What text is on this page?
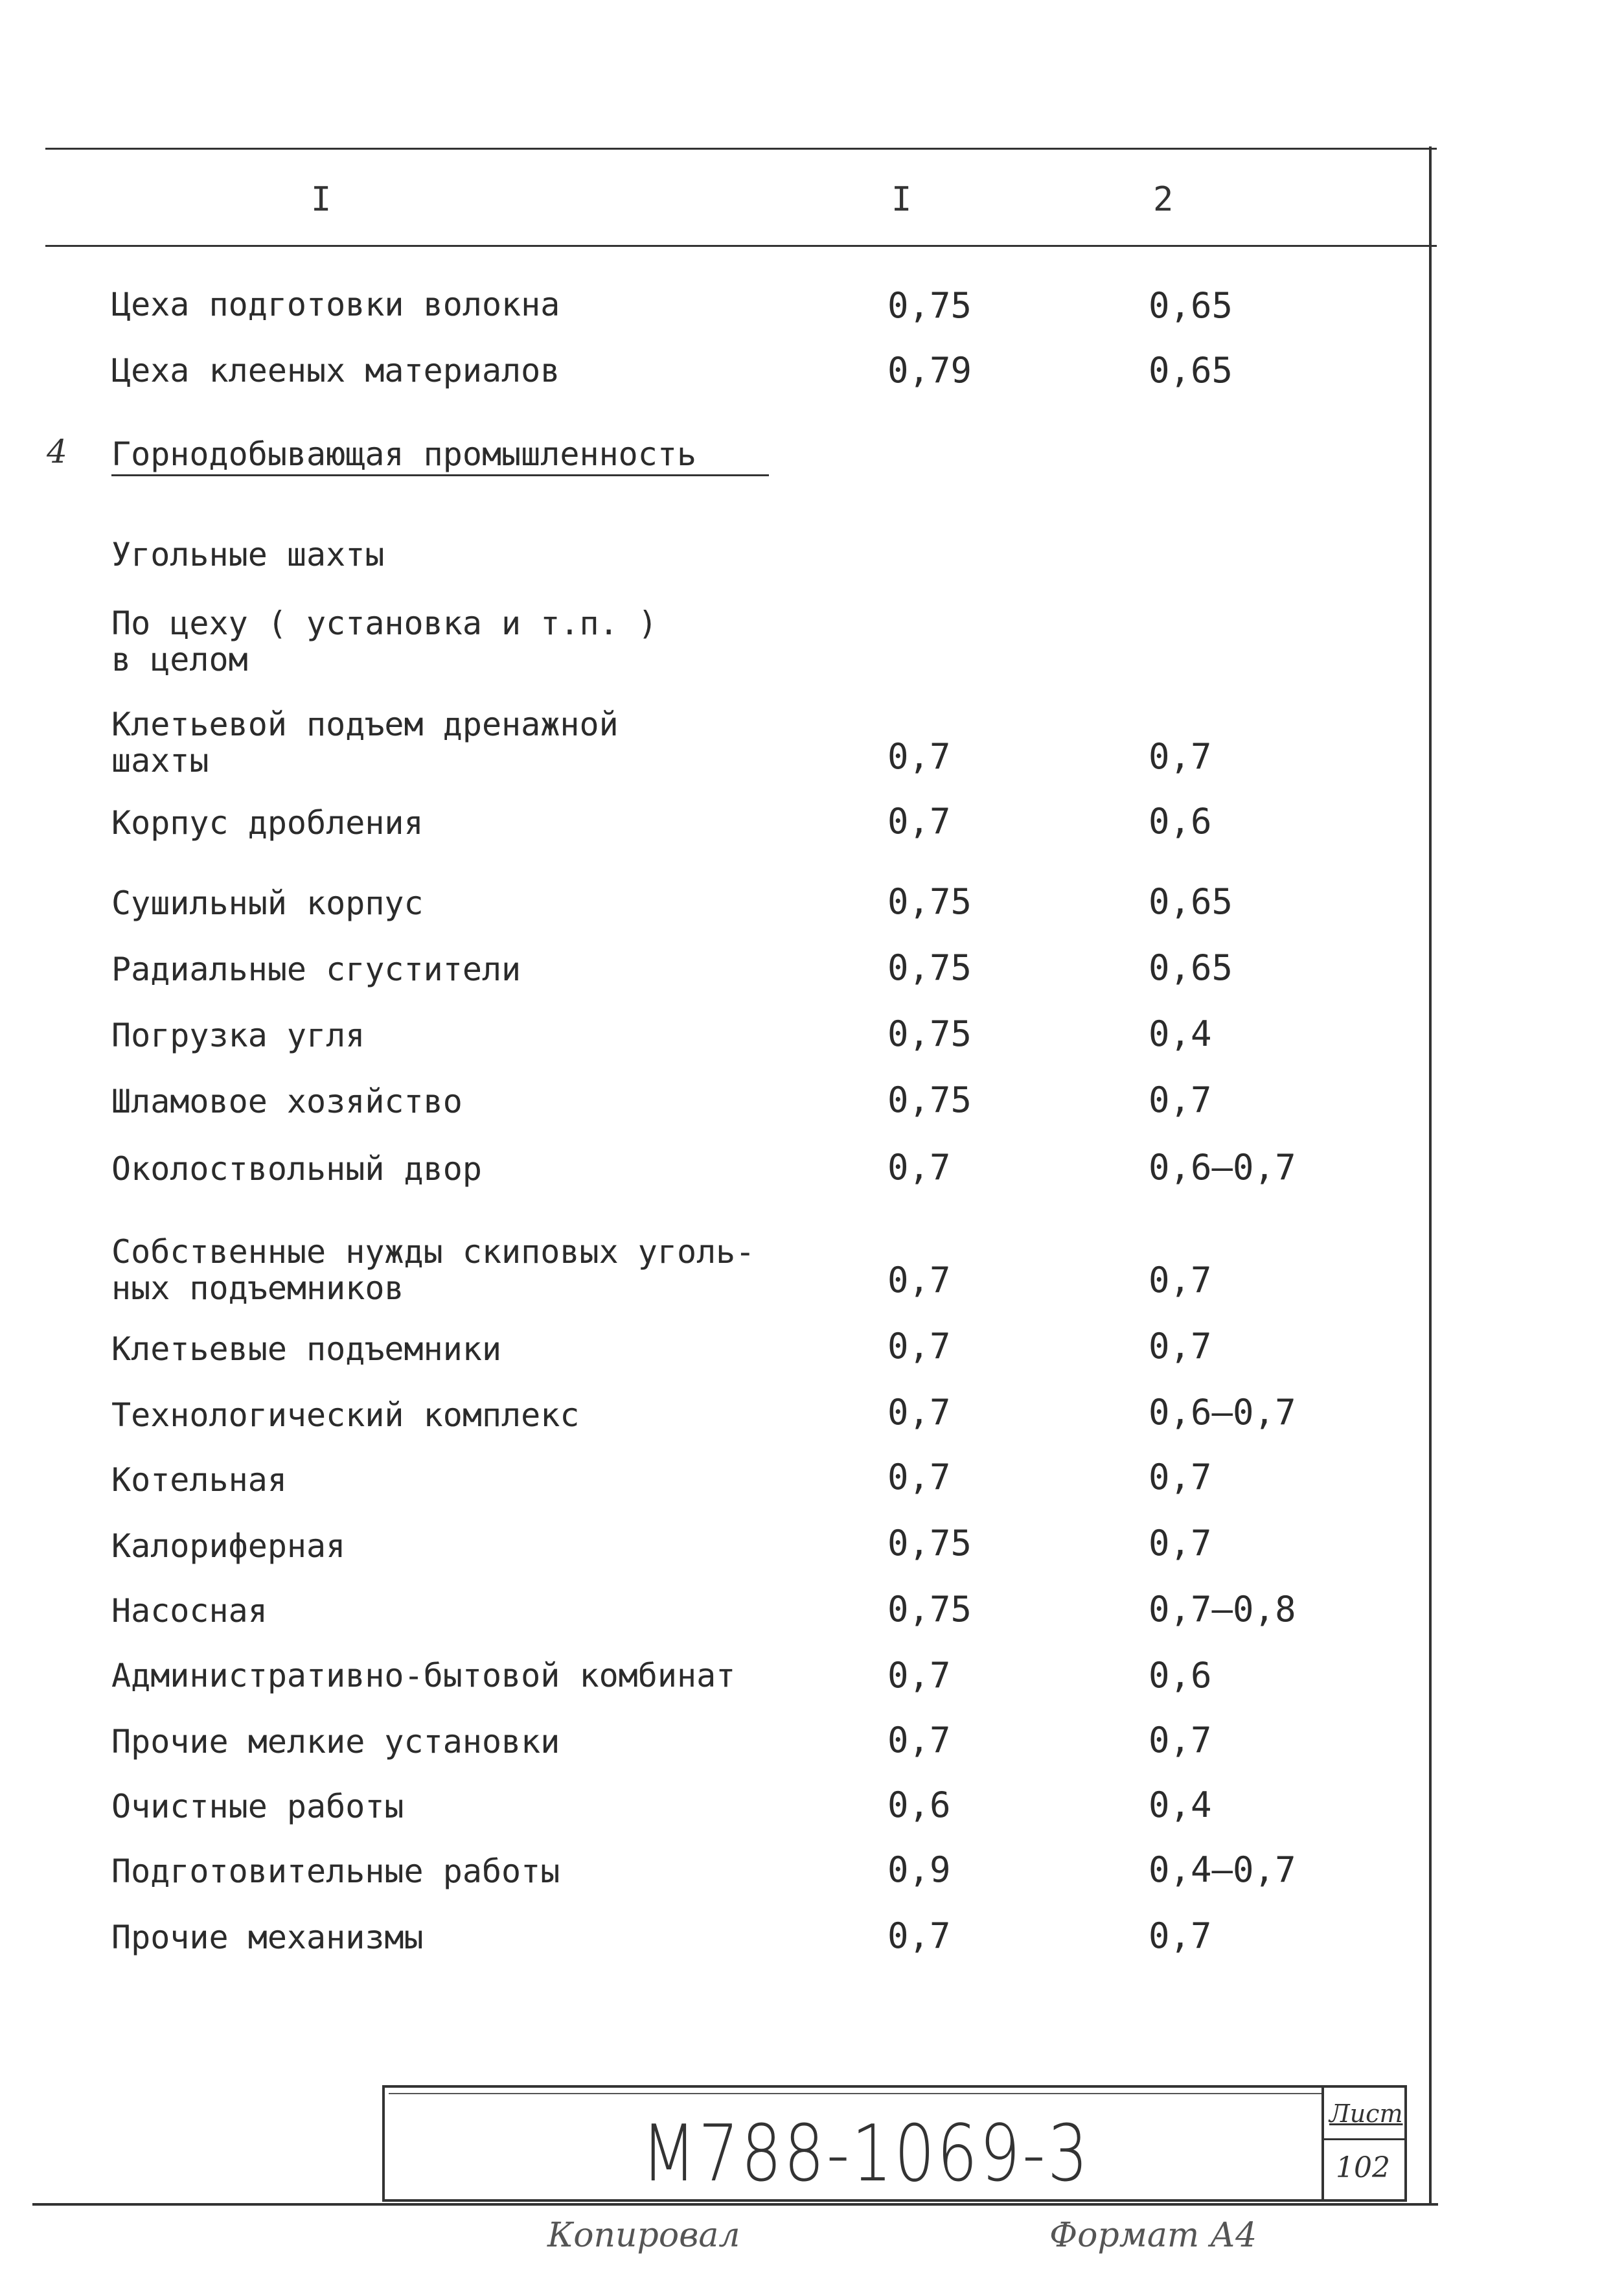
I	I	2
Цеха подготовки волокна	0,75	0,65
Цеха клееных материалов	0,79	0,65
4 Горнодобывающая промышленность
Угольные шахты
По цеху ( установка и т.п. )
в целом
Клетьевой подъем дренажной
шахты	0,7	0,7
Корпус дробления	0,7	0,6
Сушильный корпус	0,75	0,65
Радиальные сгустители	0,75	0,65
Погрузка угля	0,75	0,4
Шламовое хозяйство	0,75	0,7
Околоствольный двор	0,7	0,6–0,7
Собственные нужды скиповых уголь-
ных подъемников	0,7	0,7
Клетьевые подъемники	0,7	0,7
Технологический комплекс	0,7	0,6–0,7
Котельная	0,7	0,7
Калориферная	0,75	0,7
Насосная	0,75	0,7–0,8
Административно-бытовой комбинат	0,7	0,6
Прочие мелкие установки	0,7	0,7
Очистные работы	0,6	0,4
Подготовительные работы	0,9	0,4–0,7
Прочие механизмы	0,7	0,7
М788-1069-3	Лист
102
Копировал	Формат А4
